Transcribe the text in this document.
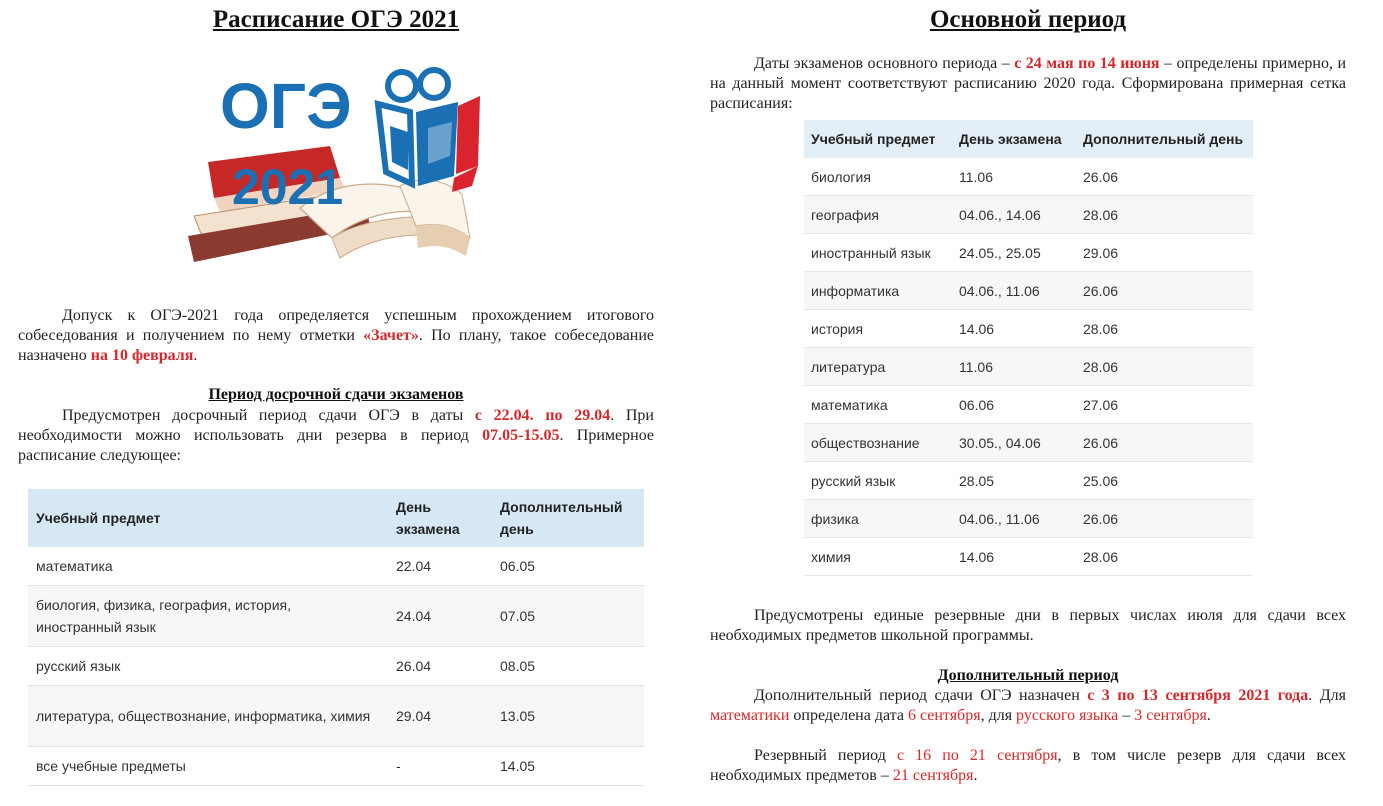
Расписание ОГЭ 2021
ОГЭ
2021
Допуск к ОГЭ-2021 года определяется успешным прохождением итогового собеседования и получением по нему отметки «Зачет». По плану, такое собеседование назначено на 10 февраля.
Период досрочной сдачи экзаменов
Предусмотрен досрочный период сдачи ОГЭ в даты с 22.04. по 29.04. При необходимости можно использовать дни резерва в период 07.05-15.05. Примерное расписание следующее:
Учебный предмет	День экзамена	Дополнительный день
математика	22.04	06.05
биология, физика, география, история, иностранный язык	24.04	07.05
русский язык	26.04	08.05
литература, обществознание, информатика, химия	29.04	13.05
все учебные предметы	-	14.05
Основной период
Даты экзаменов основного периода – с 24 мая по 14 июня – определены примерно, и на данный момент соответствуют расписанию 2020 года. Сформирована примерная сетка расписания:
Учебный предмет	День экзамена	Дополнительный день
биология	11.06	26.06
география	04.06., 14.06	28.06
иностранный язык	24.05., 25.05	29.06
информатика	04.06., 11.06	26.06
история	14.06	28.06
литература	11.06	28.06
математика	06.06	27.06
обществознание	30.05., 04.06	26.06
русский язык	28.05	25.06
физика	04.06., 11.06	26.06
химия	14.06	28.06
Предусмотрены единые резервные дни в первых числах июля для сдачи всех необходимых предметов школьной программы.
Дополнительный период
Дополнительный период сдачи ОГЭ назначен с 3 по 13 сентября 2021 года. Для математики определена дата 6 сентября, для русского языка – 3 сентября.
Резервный период с 16 по 21 сентября, в том числе резерв для сдачи всех необходимых предметов – 21 сентября.
